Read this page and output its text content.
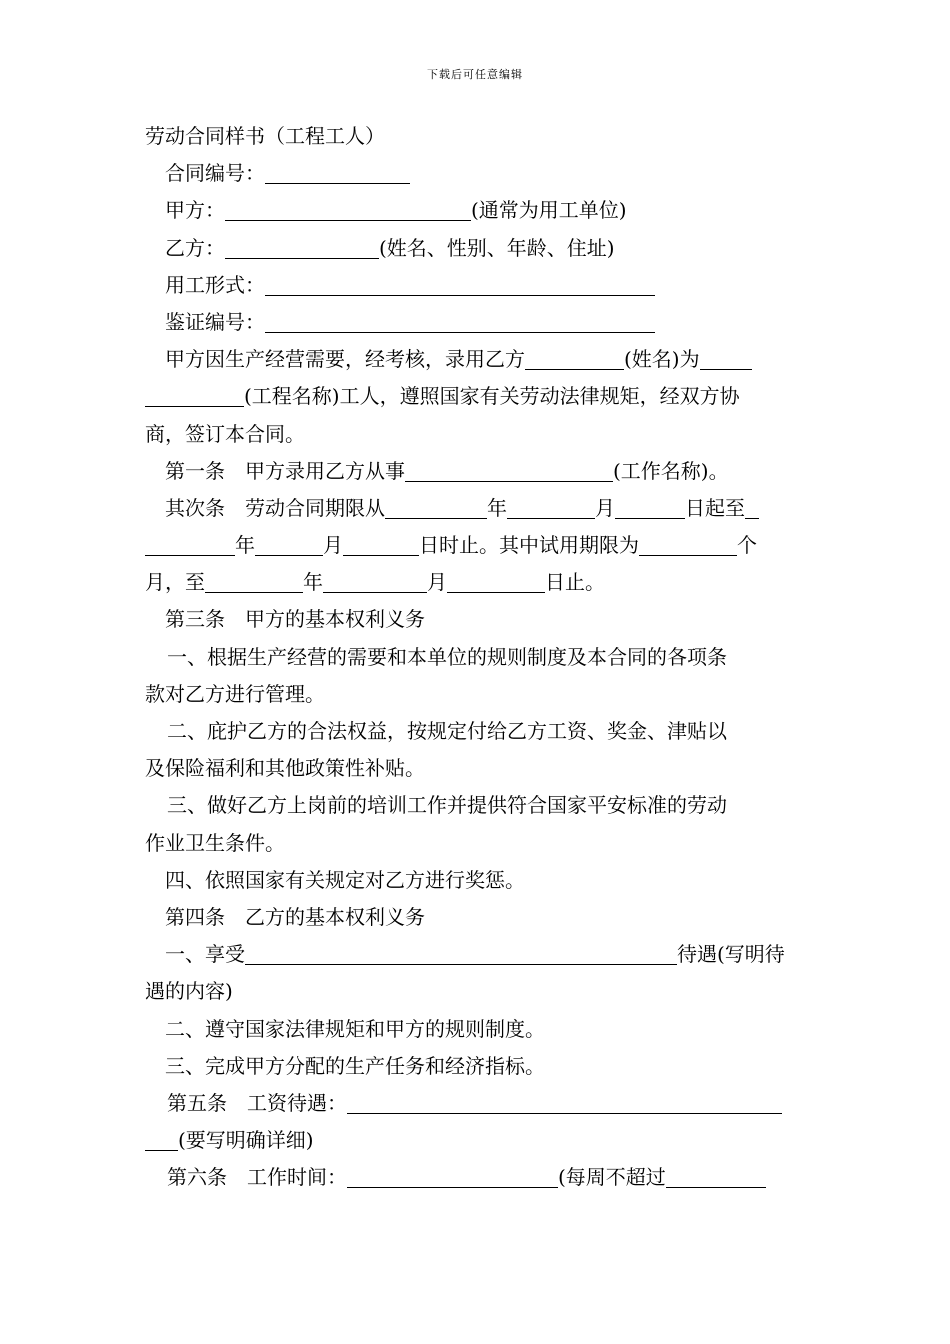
下载后可任意编辑
劳动合同样书（工程工人）
合同编号：
甲方：	(通常为用工单位)
乙方：	(姓名、性别、年龄、住址)
用工形式：
鉴证编号：
甲方因生产经营需要，经考核，录用乙方	(姓名)为
(工程名称)工人，遵照国家有关劳动法律规矩，经双方协
商，签订本合同。
第一条　甲方录用乙方从事	(工作名称)。
其次条　劳动合同期限从	年	月	日起至
年	月	日时止。其中试用期限为	个
月，至	年	月	日止。
第三条　甲方的基本权利义务
一、根据生产经营的需要和本单位的规则制度及本合同的各项条
款对乙方进行管理。
二、庇护乙方的合法权益，按规定付给乙方工资、奖金、津贴以
及保险福利和其他政策性补贴。
三、做好乙方上岗前的培训工作并提供符合国家平安标准的劳动
作业卫生条件。
四、依照国家有关规定对乙方进行奖惩。
第四条　乙方的基本权利义务
一、享受	待遇(写明待
遇的内容)
二、遵守国家法律规矩和甲方的规则制度。
三、完成甲方分配的生产任务和经济指标。
第五条　工资待遇：
(要写明确详细)
第六条　工作时间：	(每周不超过
